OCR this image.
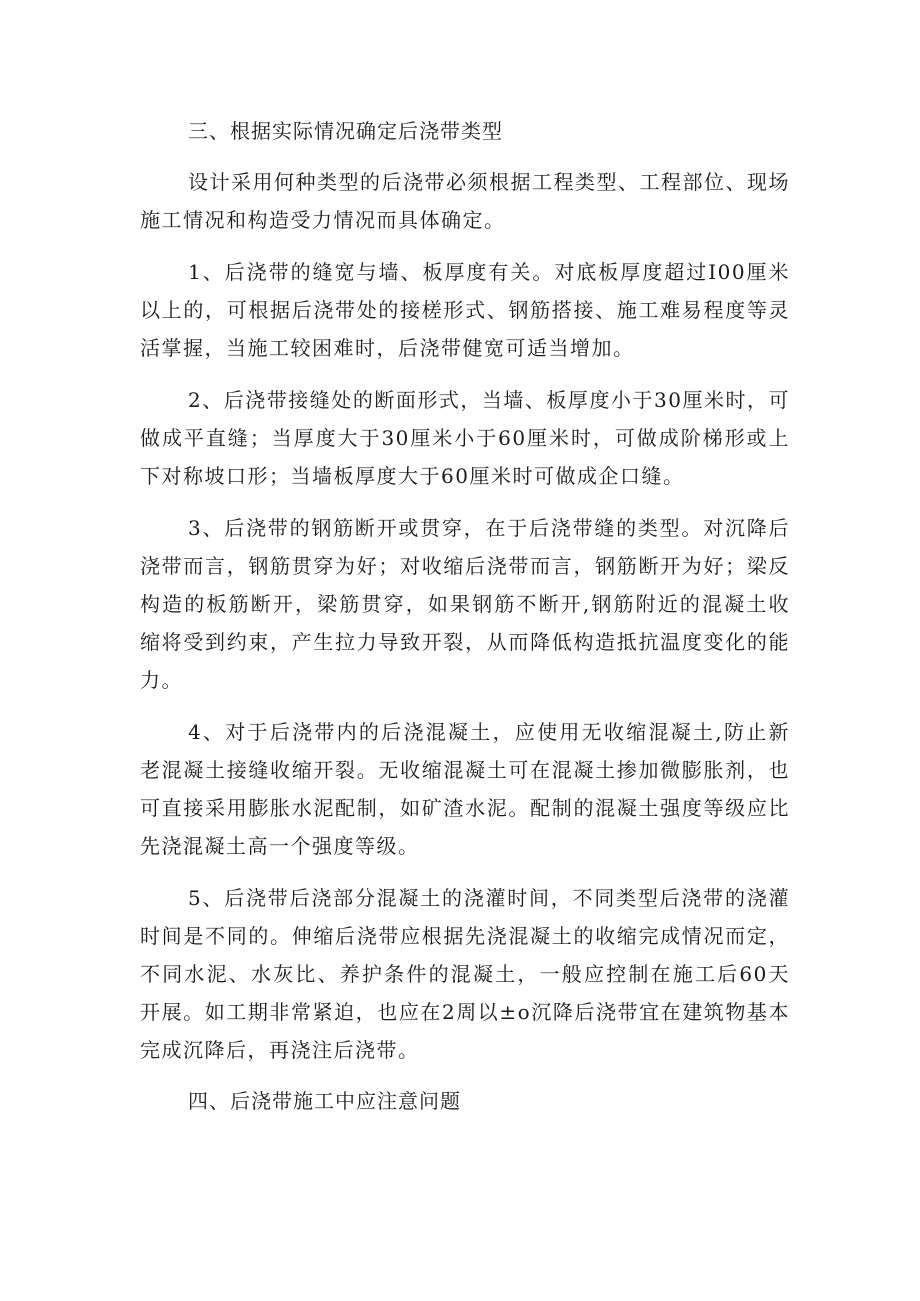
三、根据实际情况确定后浇带类型

设计采用何种类型的后浇带必须根据工程类型、工程部位、现场施工情况和构造受力情况而具体确定。

1、后浇带的缝宽与墙、板厚度有关。对底板厚度超过I00厘米以上的，可根据后浇带处的接槎形式、钢筋搭接、施工难易程度等灵活掌握，当施工较困难时，后浇带健宽可适当增加。

2、后浇带接缝处的断面形式，当墙、板厚度小于30厘米时，可做成平直缝；当厚度大于30厘米小于60厘米时，可做成阶梯形或上下对称坡口形；当墙板厚度大于60厘米时可做成企口缝。

3、后浇带的钢筋断开或贯穿，在于后浇带缝的类型。对沉降后浇带而言，钢筋贯穿为好；对收缩后浇带而言，钢筋断开为好；梁反构造的板筋断开，梁筋贯穿，如果钢筋不断开,钢筋附近的混凝土收缩将受到约束，产生拉力导致开裂，从而降低构造抵抗温度变化的能力。

4、对于后浇带内的后浇混凝土，应使用无收缩混凝土,防止新老混凝土接缝收缩开裂。无收缩混凝土可在混凝土掺加微膨胀剂，也可直接采用膨胀水泥配制，如矿渣水泥。配制的混凝土强度等级应比先浇混凝土高一个强度等级。

5、后浇带后浇部分混凝土的浇灌时间，不同类型后浇带的浇灌时间是不同的。伸缩后浇带应根据先浇混凝土的收缩完成情况而定，不同水泥、水灰比、养护条件的混凝土，一般应控制在施工后60天开展。如工期非常紧迫，也应在2周以±o沉降后浇带宜在建筑物基本完成沉降后，再浇注后浇带。

四、后浇带施工中应注意问题
